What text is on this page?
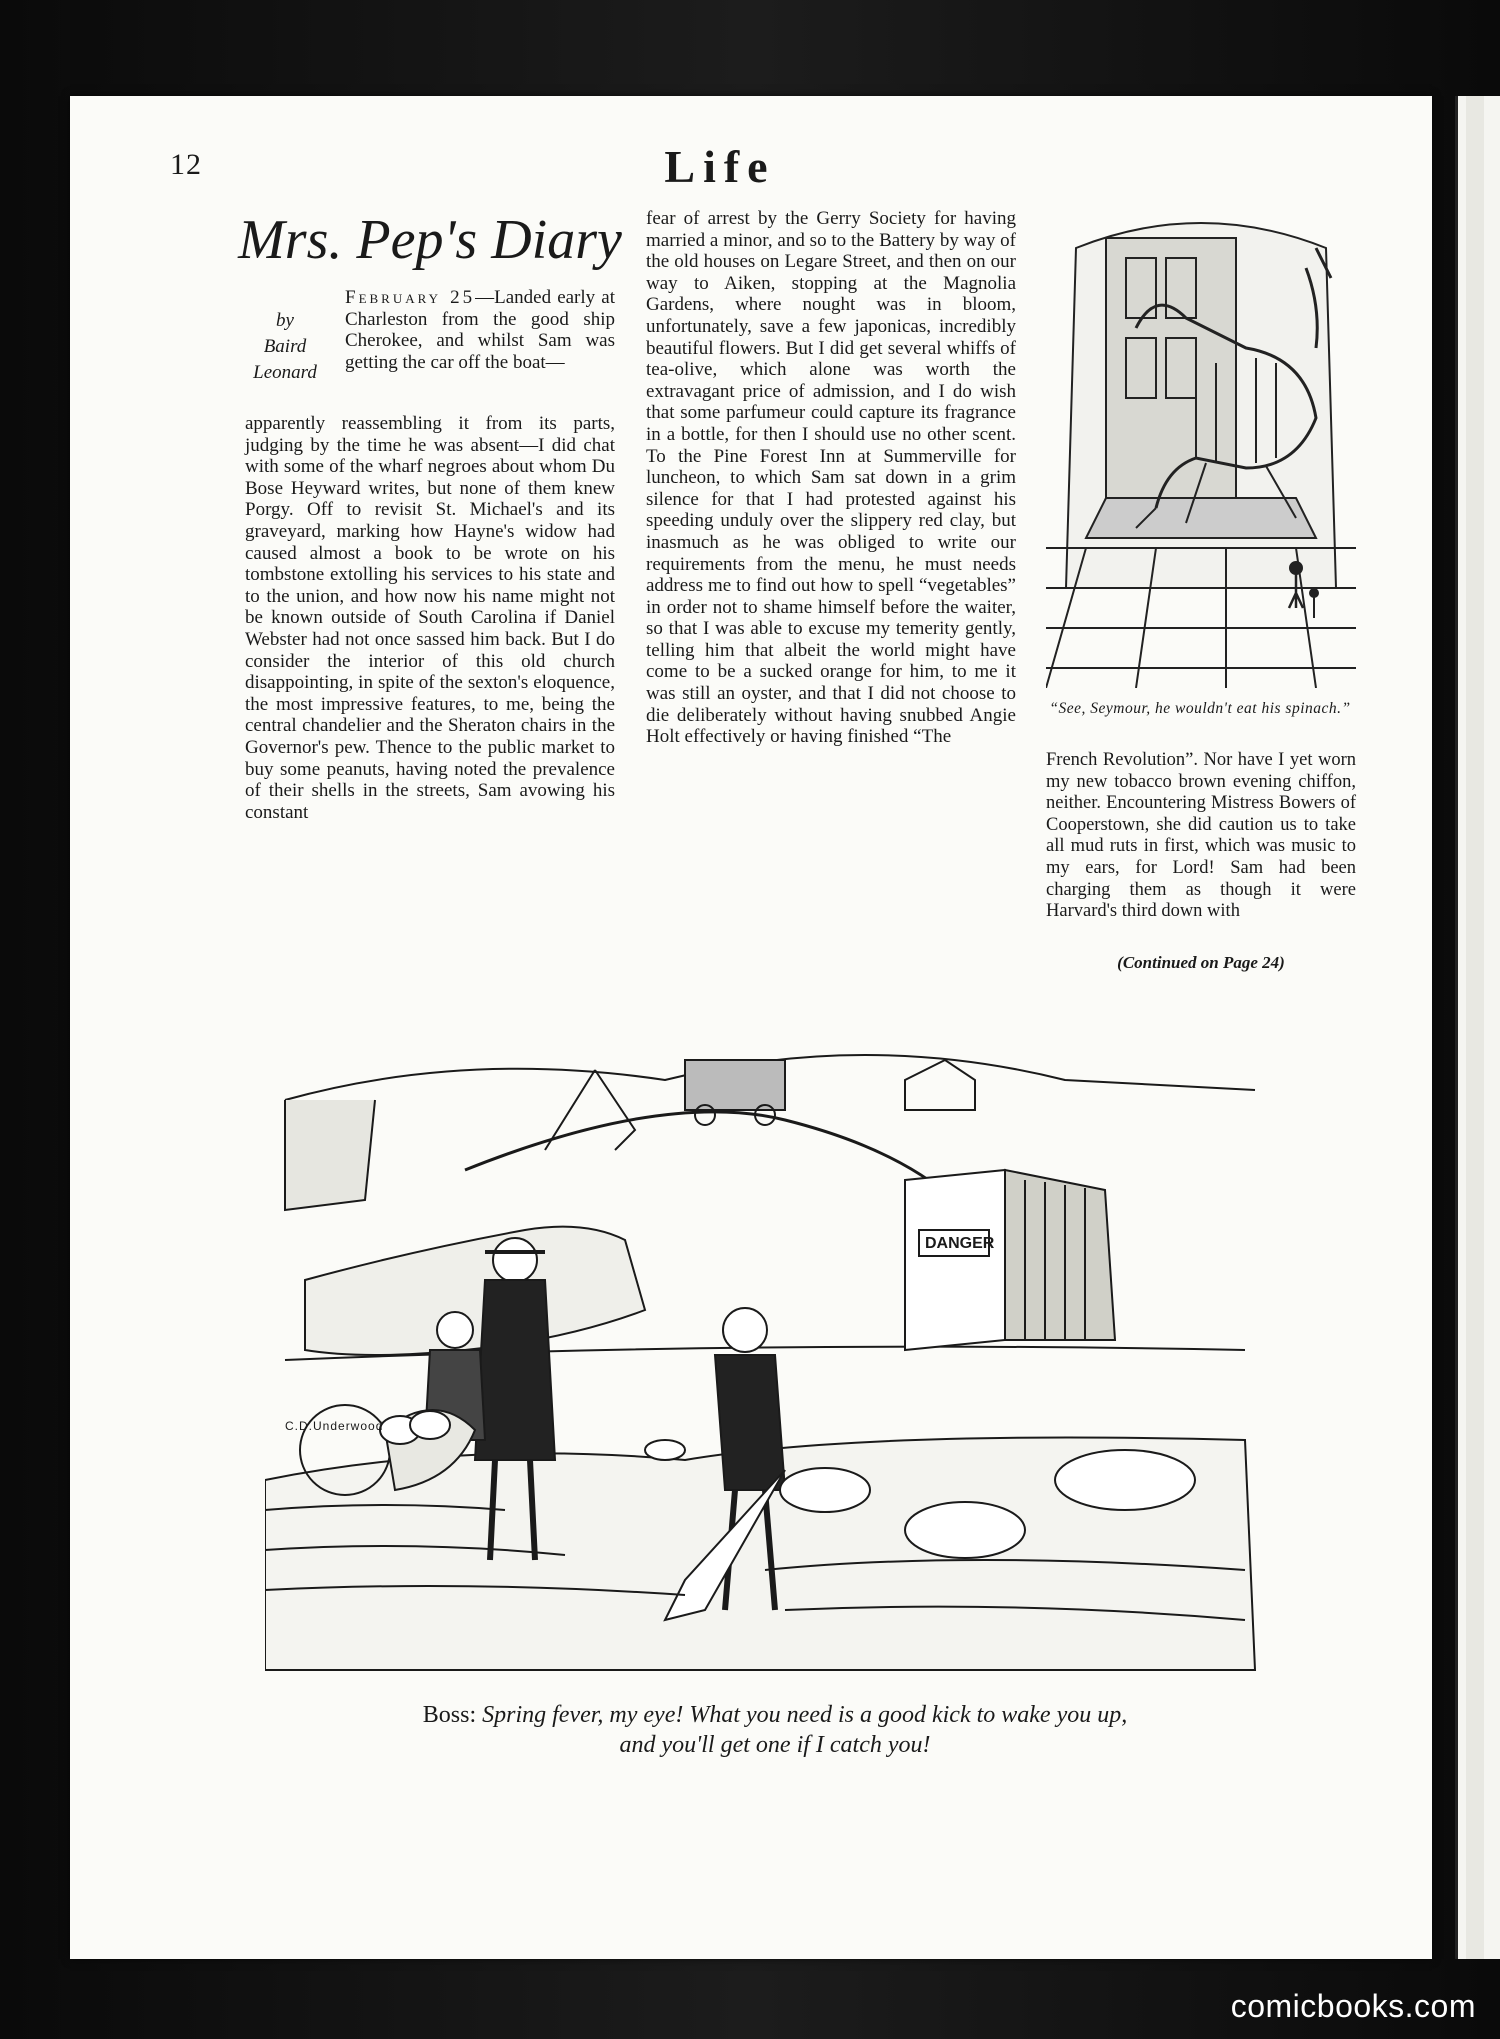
12	Life
Mrs. Pep's Diary
by
Baird
Leonard

February 25—Landed early at Charleston from the good ship Cherokee, and whilst Sam was getting the car off the boat—

apparently reassembling it from its parts, judging by the time he was absent—I did chat with some of the wharf negroes about whom Du Bose Heyward writes, but none of them knew Porgy. Off to revisit St. Michael's and its graveyard, marking how Hayne's widow had caused almost a book to be wrote on his tombstone extolling his services to his state and to the union, and how now his name might not be known outside of South Carolina if Daniel Webster had not once sassed him back. But I do consider the interior of this old church disappointing, in spite of the sexton's eloquence, the most impressive features, to me, being the central chandelier and the Sheraton chairs in the Governor's pew. Thence to the public market to buy some peanuts, having noted the prevalence of their shells in the streets, Sam avowing his constant

fear of arrest by the Gerry Society for having married a minor, and so to the Battery by way of the old houses on Legare Street, and then on our way to Aiken, stopping at the Magnolia Gardens, where nought was in bloom, unfortunately, save a few japonicas, incredibly beautiful flowers. But I did get several whiffs of tea-olive, which alone was worth the extravagant price of admission, and I do wish that some parfumeur could capture its fragrance in a bottle, for then I should use no other scent. To the Pine Forest Inn at Summerville for luncheon, to which Sam sat down in a grim silence for that I had protested against his speeding unduly over the slippery red clay, but inasmuch as he was obliged to write our requirements from the menu, he must needs address me to find out how to spell “vegetables” in order not to shame himself before the waiter, so that I was able to excuse my temerity gently, telling him that albeit the world might have come to be a sucked orange for him, to me it was still an oyster, and that I did not choose to die deliberately without having snubbed Angie Holt effectively or having finished “The

“See, Seymour, he wouldn't eat his spinach.”

French Revolution”. Nor have I yet worn my new tobacco brown evening chiffon, neither. Encountering Mistress Bowers of Cooperstown, she did caution us to take all mud ruts in first, which was music to my ears, for Lord! Sam had been charging them as though it were Harvard's third down with

(Continued on Page 24)
DANGER
C.D.Underwood
Boss: Spring fever, my eye! What you need is a good kick to wake you up,
and you'll get one if I catch you!
comicbooks.com
